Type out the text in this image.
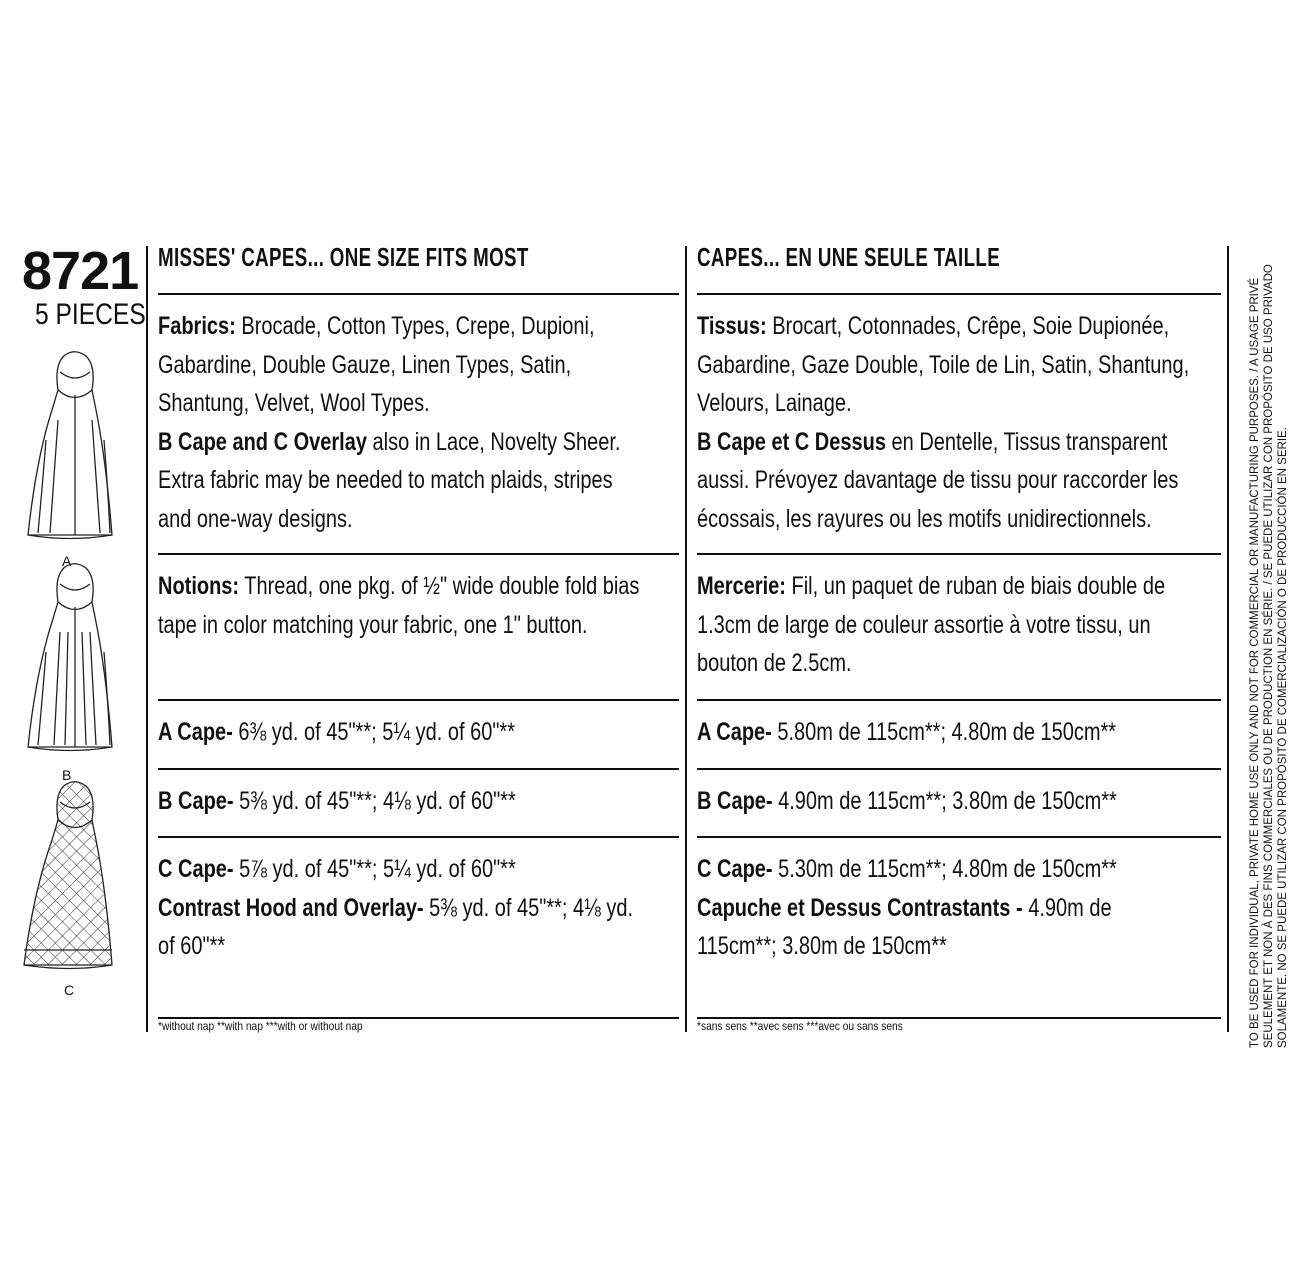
8721
5 PIECES
A
B
C
MISSES' CAPES... ONE SIZE FITS MOST
Fabrics: Brocade, Cotton Types, Crepe, Dupioni,
Gabardine, Double Gauze, Linen Types, Satin,
Shantung, Velvet, Wool Types.
B Cape and C Overlay also in Lace, Novelty Sheer.
Extra fabric may be needed to match plaids, stripes
and one-way designs.
Notions: Thread, one pkg. of ½" wide double fold bias
tape in color matching your fabric, one 1" button.
A Cape- 6⅜ yd. of 45"**; 5¼ yd. of 60"**
B Cape- 5⅜ yd. of 45"**; 4⅛ yd. of 60"**
C Cape- 5⅞ yd. of 45"**; 5¼ yd. of 60"**
Contrast Hood and Overlay- 5⅜ yd. of 45"**; 4⅛ yd.
of 60"**
*without nap **with nap ***with or without nap
CAPES... EN UNE SEULE TAILLE
Tissus: Brocart, Cotonnades, Crêpe, Soie Dupionée,
Gabardine, Gaze Double, Toile de Lin, Satin, Shantung,
Velours, Lainage.
B Cape et C Dessus en Dentelle, Tissus transparent
aussi. Prévoyez davantage de tissu pour raccorder les
écossais, les rayures ou les motifs unidirectionnels.
Mercerie: Fil, un paquet de ruban de biais double de
1.3cm de large de couleur assortie à votre tissu, un
bouton de 2.5cm.
A Cape- 5.80m de 115cm**; 4.80m de 150cm**
B Cape- 4.90m de 115cm**; 3.80m de 150cm**
C Cape- 5.30m de 115cm**; 4.80m de 150cm**
Capuche et Dessus Contrastants - 4.90m de
115cm**; 3.80m de 150cm**
*sans sens **avec sens ***avec ou sans sens	TO BE USED FOR INDIVIDUAL, PRIVATE HOME USE ONLY AND NOT FOR COMMERCIAL OR MANUFACTURING PURPOSES. / A USAGE PRIVÉ SEULEMENT ET NON À DES FINS COMMERCIALES OU DE PRODUCTION EN SÉRIE. / SE PUEDE UTILIZAR CON PROPÓSITO DE USO PRIVADO SOLAMENTE. NO SE PUEDE UTILIZAR CON PROPÓSITO DE COMERCIALIZACIÓN O DE PRODUCCIÓN EN SERIE.
